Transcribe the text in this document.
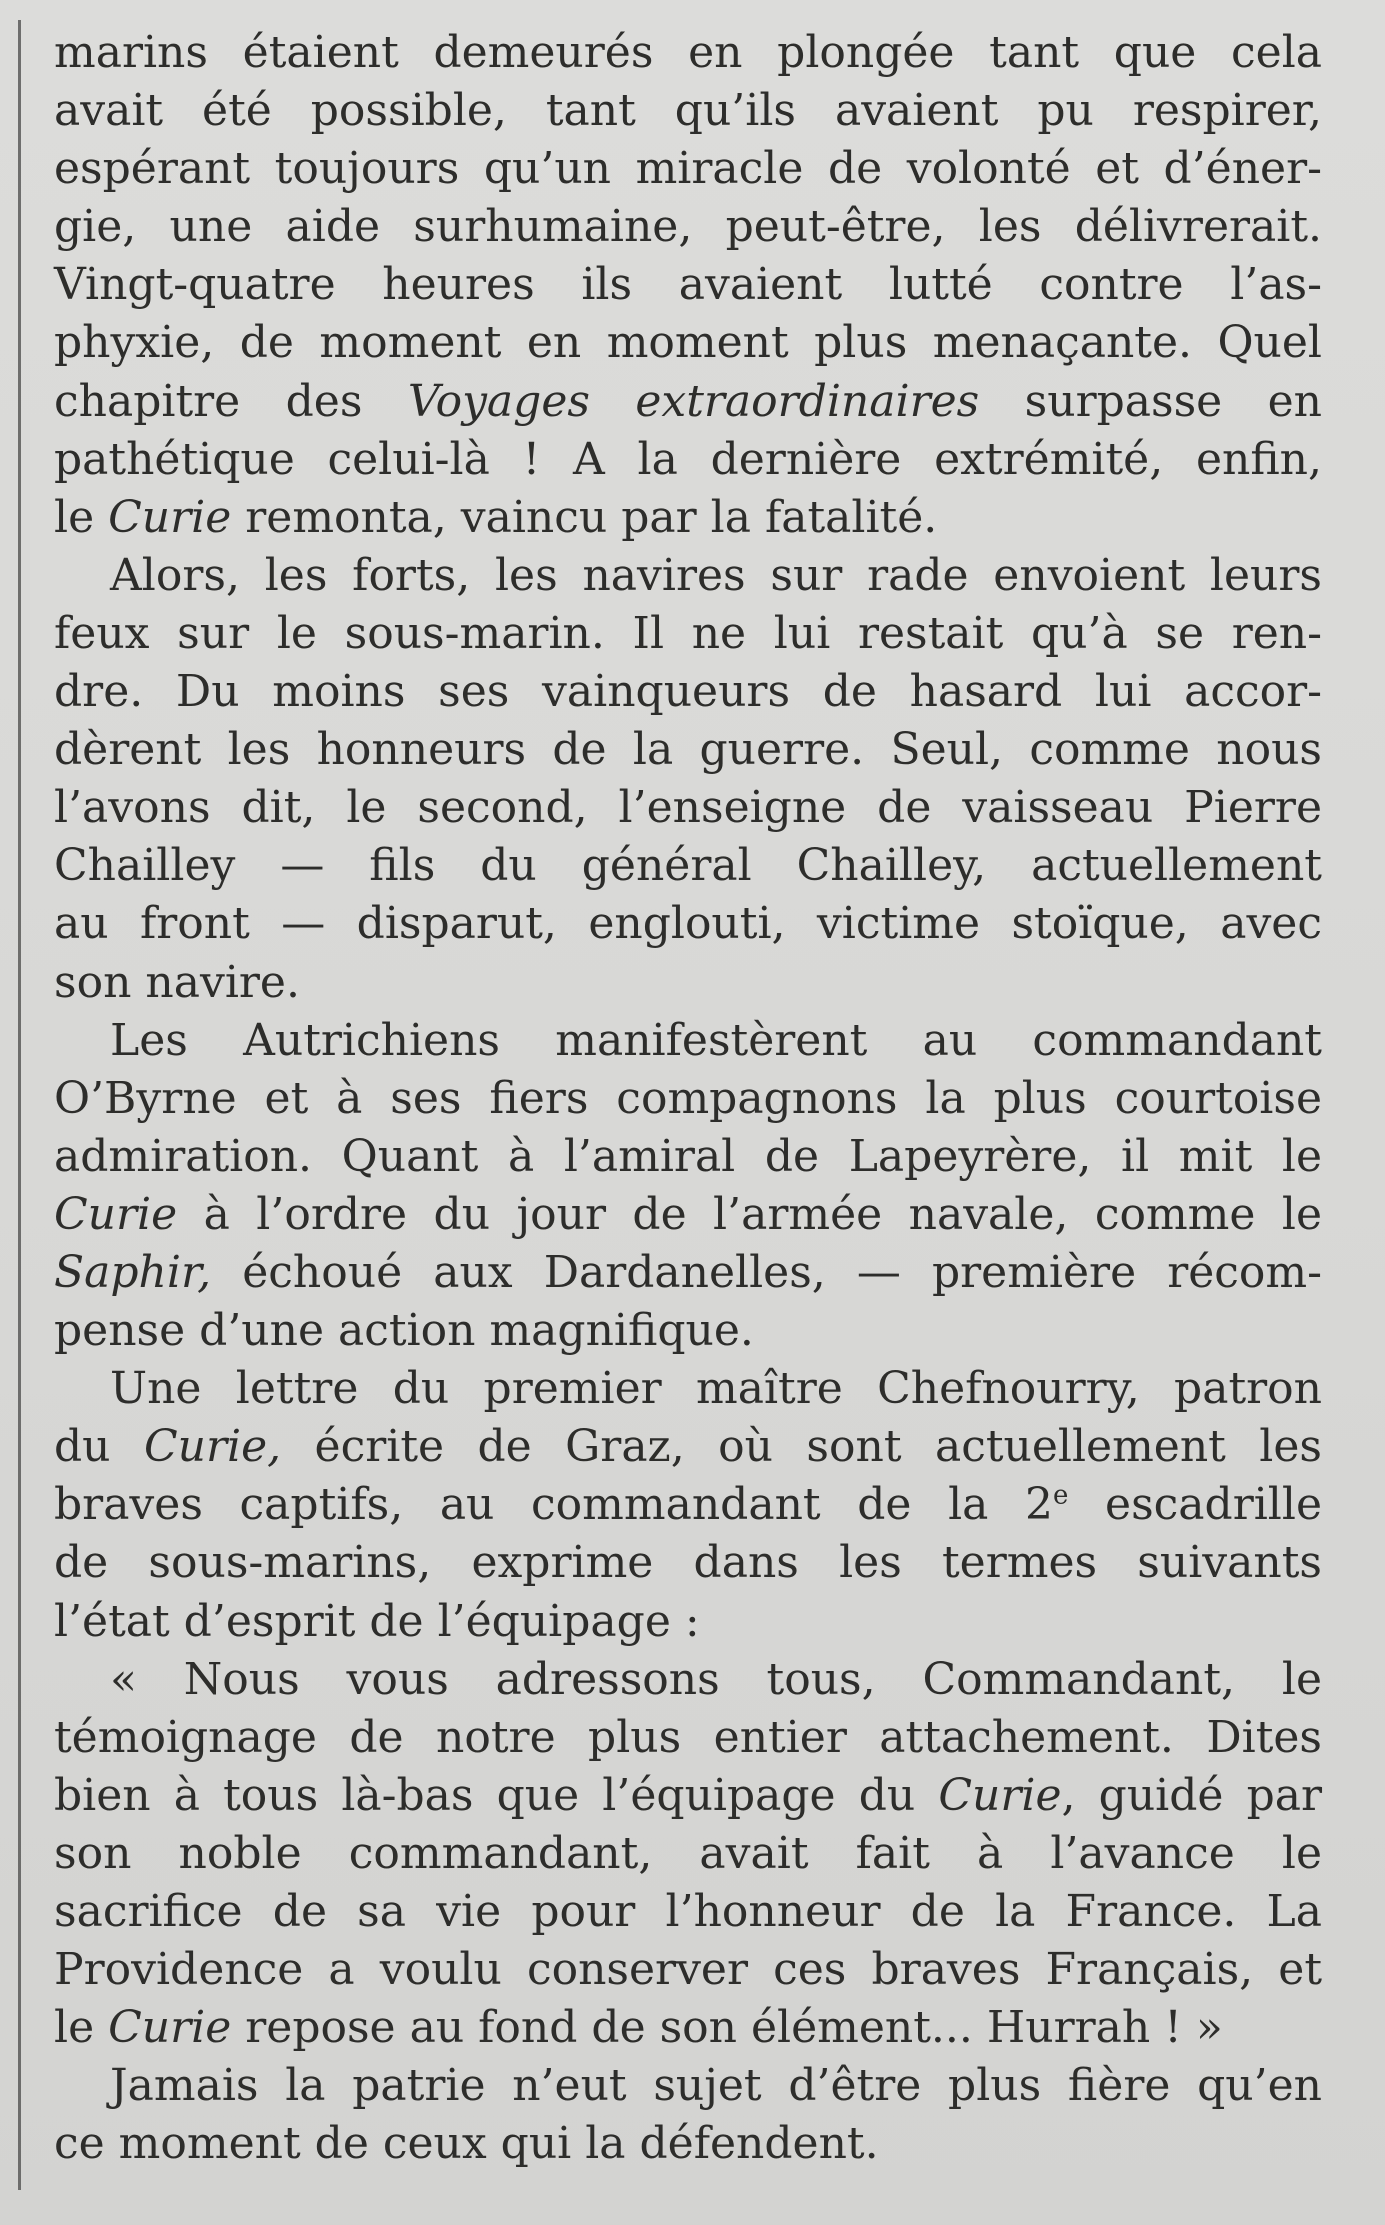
marins étaient demeurés en plongée tant que cela
avait été possible, tant qu’ils avaient pu respirer,
espérant toujours qu’un miracle de volonté et d’éner-
gie, une aide surhumaine, peut-être, les délivrerait.
Vingt-quatre heures ils avaient lutté contre l’as-
phyxie, de moment en moment plus menaçante. Quel
chapitre des Voyages extraordinaires surpasse en
pathétique celui-là ! A la dernière extrémité, enfin,
le Curie remonta, vaincu par la fatalité.
Alors, les forts, les navires sur rade envoient leurs
feux sur le sous-marin. Il ne lui restait qu’à se ren-
dre. Du moins ses vainqueurs de hasard lui accor-
dèrent les honneurs de la guerre. Seul, comme nous
l’avons dit, le second, l’enseigne de vaisseau Pierre
Chailley — fils du général Chailley, actuellement
au front — disparut, englouti, victime stoïque, avec
son navire.
Les Autrichiens manifestèrent au commandant
O’Byrne et à ses fiers compagnons la plus courtoise
admiration. Quant à l’amiral de Lapeyrère, il mit le
Curie à l’ordre du jour de l’armée navale, comme le
Saphir, échoué aux Dardanelles, — première récom-
pense d’une action magnifique.
Une lettre du premier maître Chefnourry, patron
du Curie, écrite de Graz, où sont actuellement les
braves captifs, au commandant de la 2e escadrille
de sous-marins, exprime dans les termes suivants
l’état d’esprit de l’équipage :
« Nous vous adressons tous, Commandant, le
témoignage de notre plus entier attachement. Dites
bien à tous là-bas que l’équipage du Curie, guidé par
son noble commandant, avait fait à l’avance le
sacrifice de sa vie pour l’honneur de la France. La
Providence a voulu conserver ces braves Français, et
le Curie repose au fond de son élément... Hurrah ! »
Jamais la patrie n’eut sujet d’être plus fière qu’en
ce moment de ceux qui la défendent.
